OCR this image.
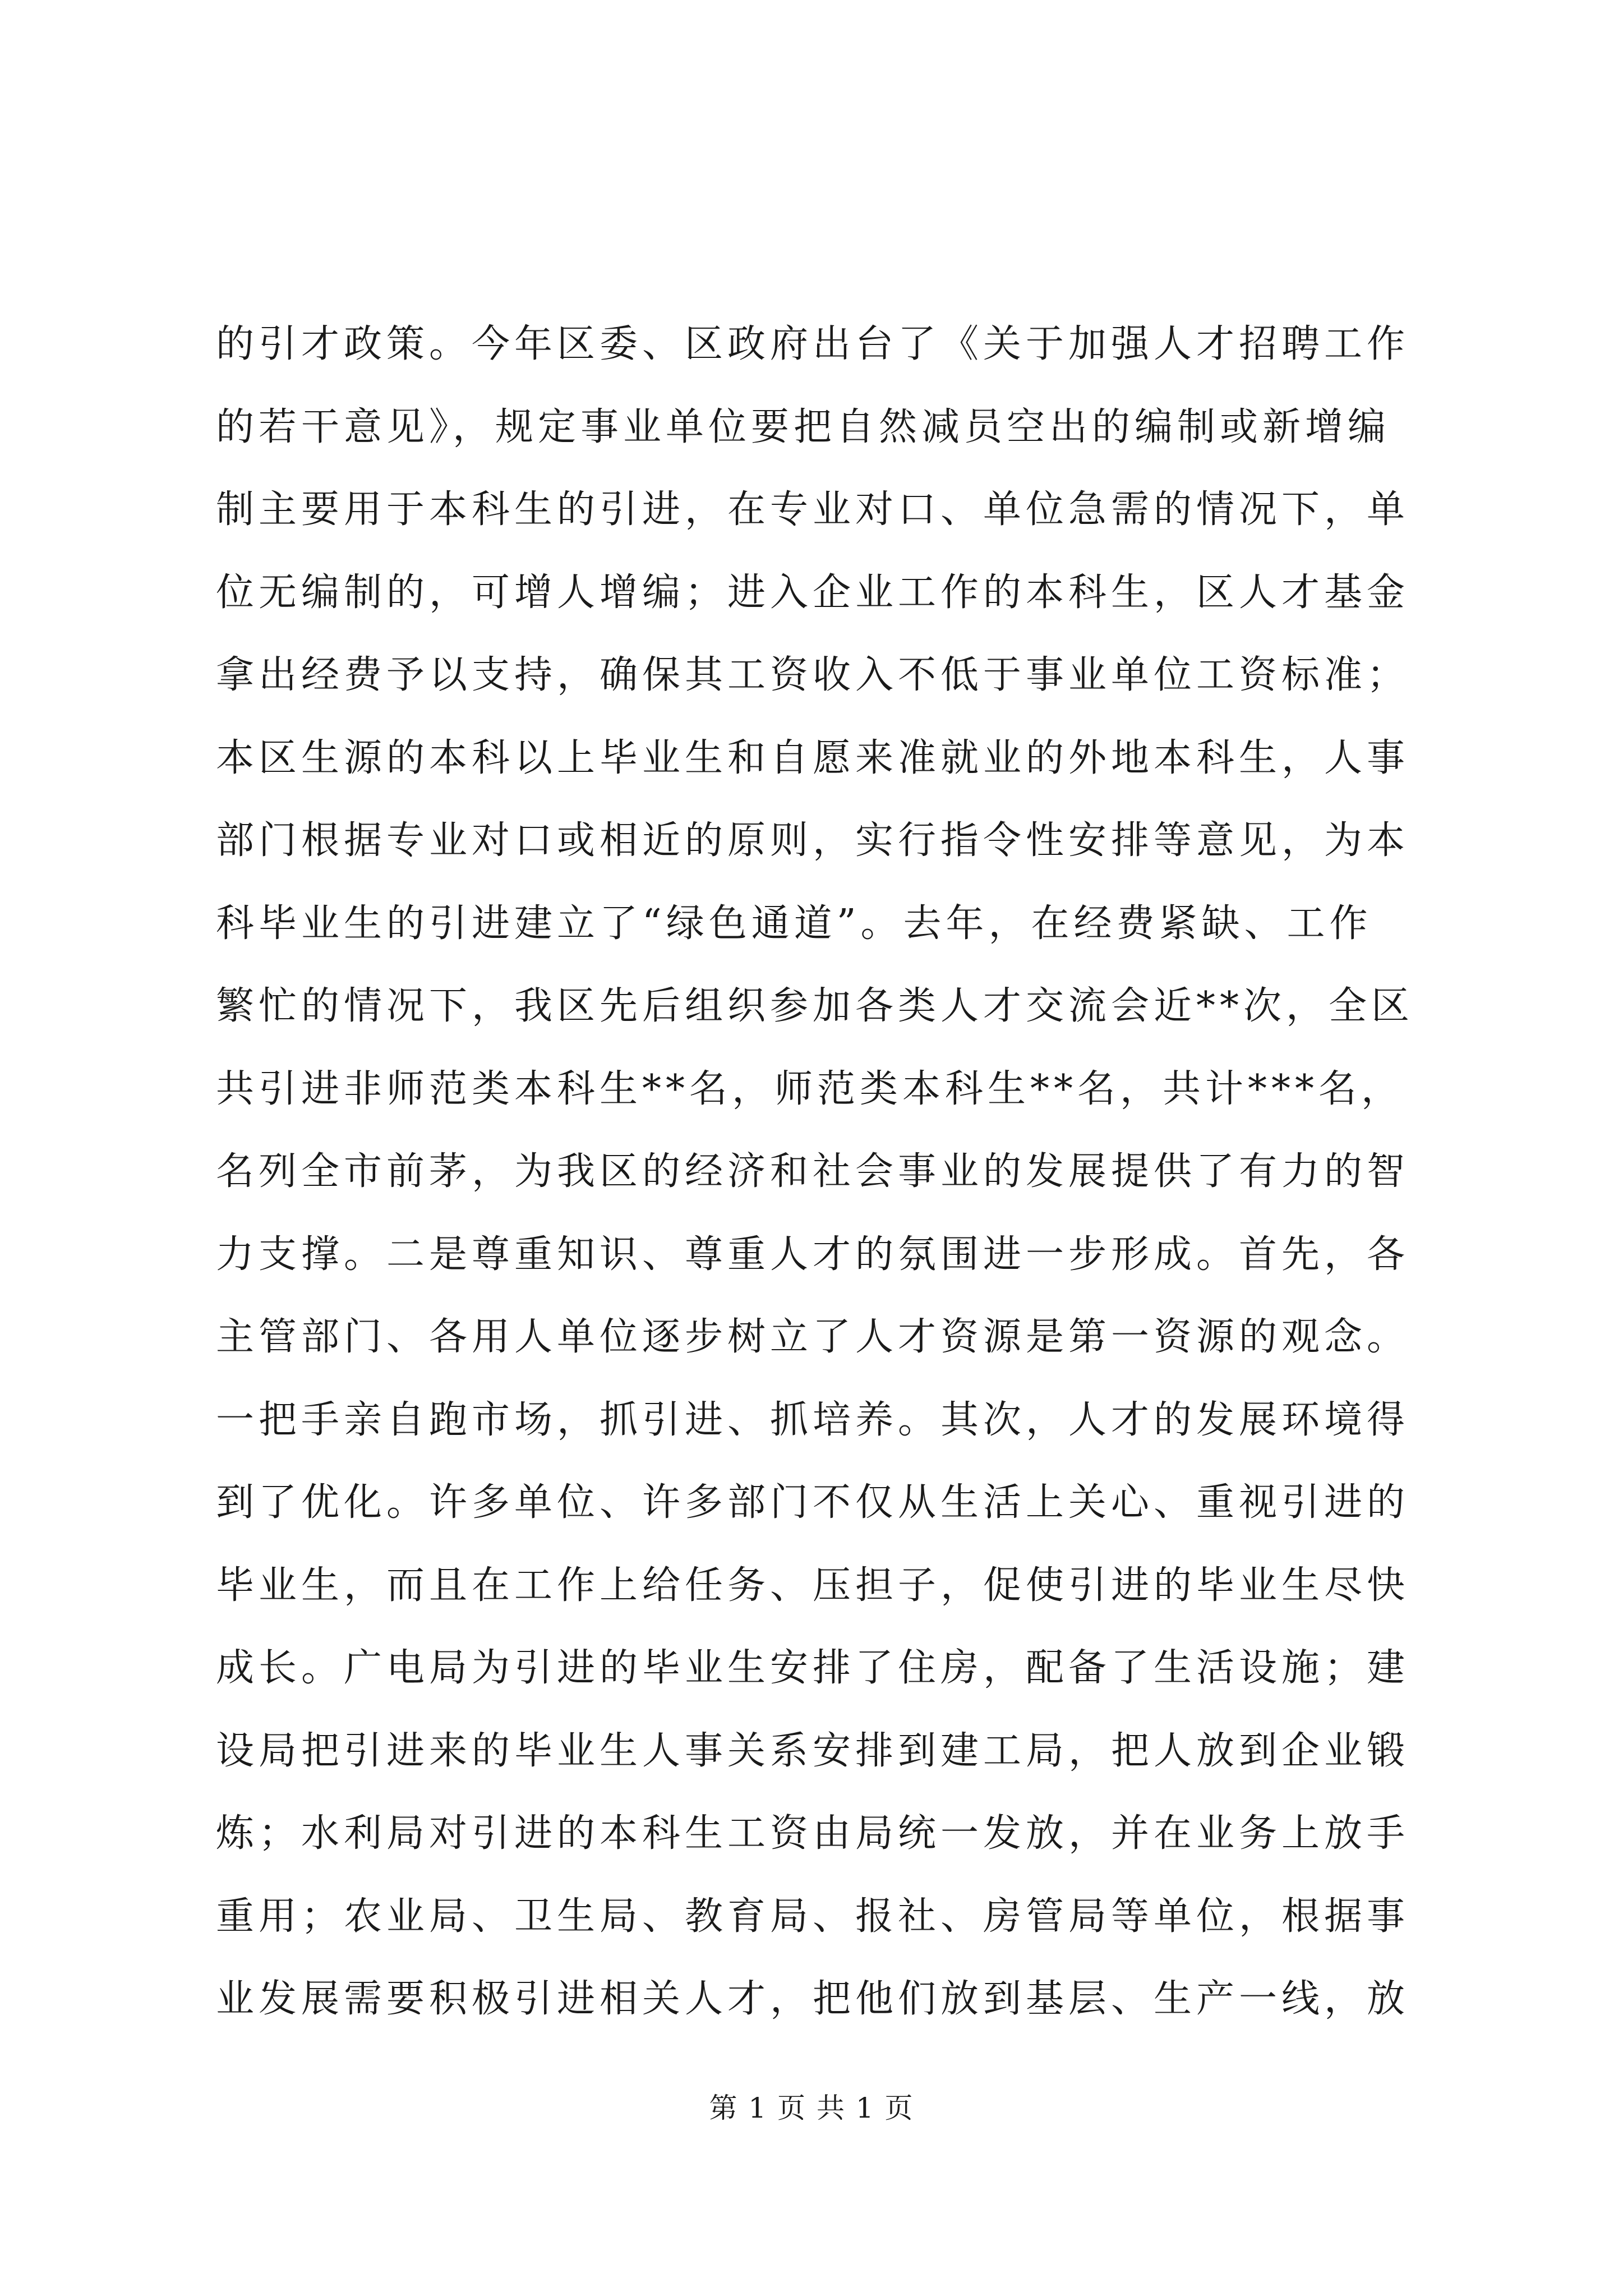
的引才政策。今年区委、区政府出台了《关于加强人才招聘工作
的若干意见》，规定事业单位要把自然减员空出的编制或新增编
制主要用于本科生的引进，在专业对口、单位急需的情况下，单
位无编制的，可增人增编；进入企业工作的本科生，区人才基金
拿出经费予以支持，确保其工资收入不低于事业单位工资标准；
本区生源的本科以上毕业生和自愿来准就业的外地本科生，人事
部门根据专业对口或相近的原则，实行指令性安排等意见，为本
科毕业生的引进建立了“绿色通道”。去年，在经费紧缺、工作
繁忙的情况下，我区先后组织参加各类人才交流会近**次，全区
共引进非师范类本科生**名，师范类本科生**名，共计***名，
名列全市前茅，为我区的经济和社会事业的发展提供了有力的智
力支撑。二是尊重知识、尊重人才的氛围进一步形成。首先，各
主管部门、各用人单位逐步树立了人才资源是第一资源的观念。
一把手亲自跑市场，抓引进、抓培养。其次，人才的发展环境得
到了优化。许多单位、许多部门不仅从生活上关心、重视引进的
毕业生，而且在工作上给任务、压担子，促使引进的毕业生尽快
成长。广电局为引进的毕业生安排了住房，配备了生活设施；建
设局把引进来的毕业生人事关系安排到建工局，把人放到企业锻
炼；水利局对引进的本科生工资由局统一发放，并在业务上放手
重用；农业局、卫生局、教育局、报社、房管局等单位，根据事
业发展需要积极引进相关人才，把他们放到基层、生产一线，放
第 1 页 共 1 页
